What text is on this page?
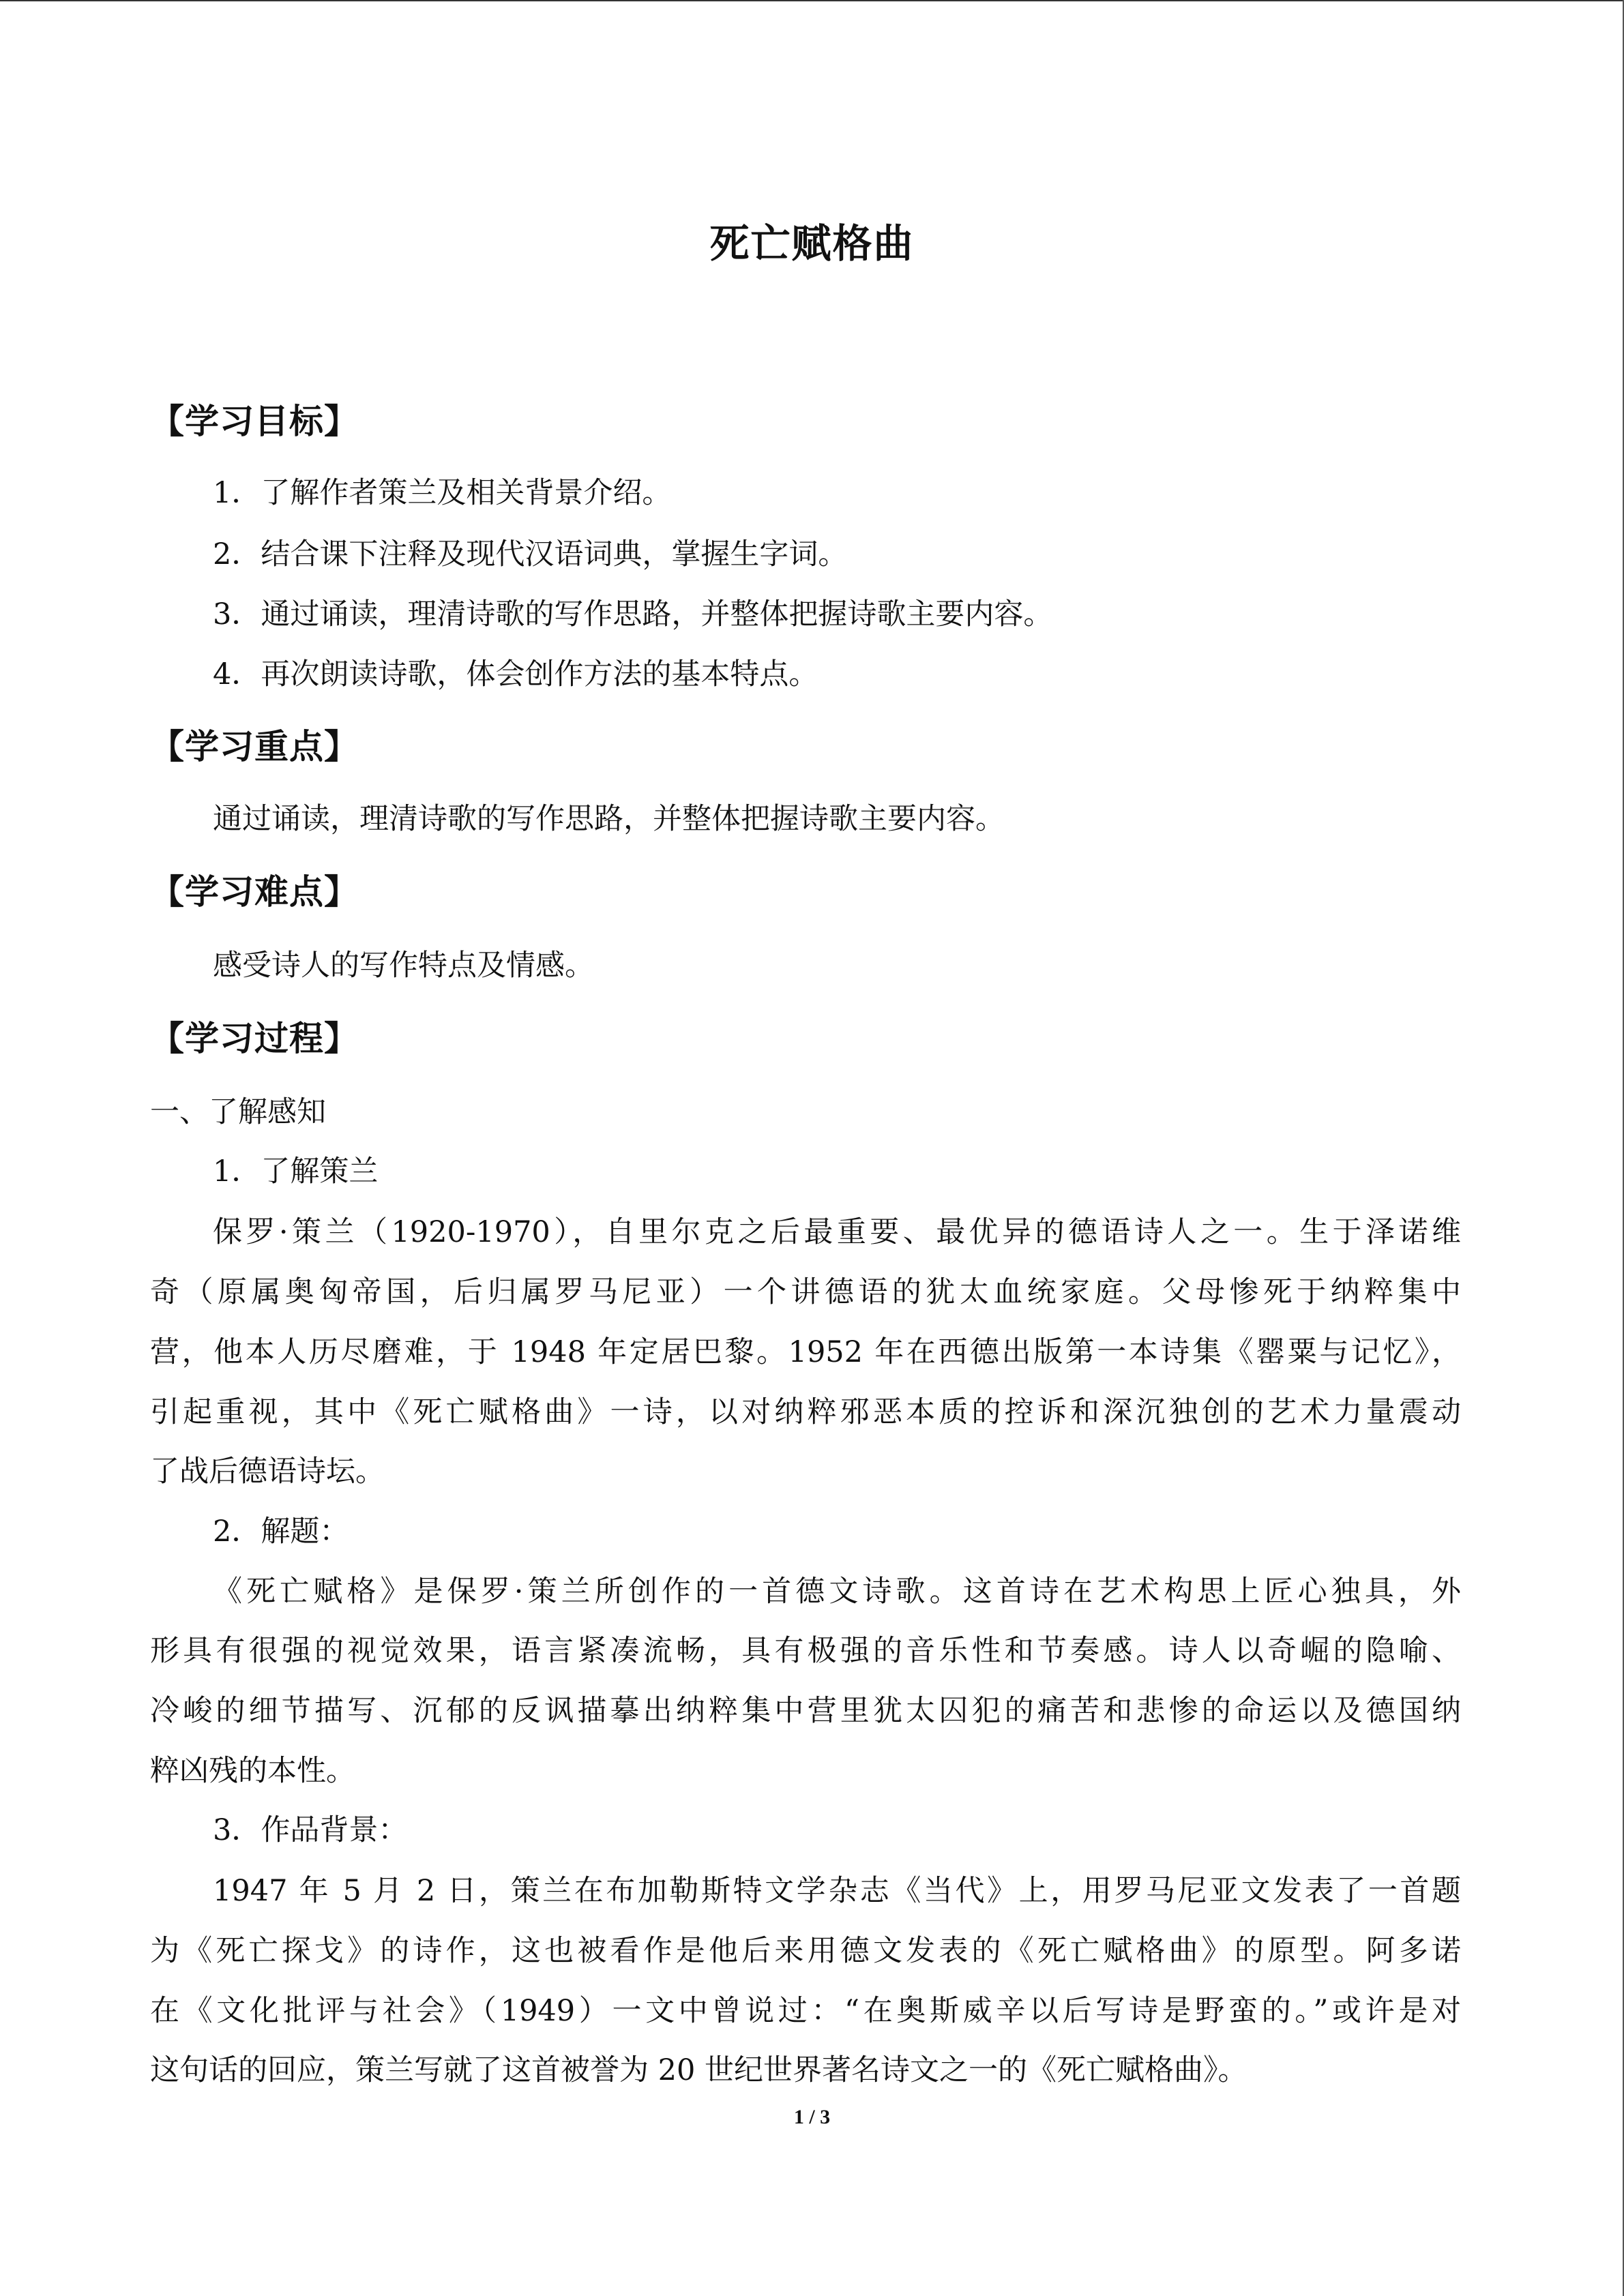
死亡赋格曲
【学习目标】
1．了解作者策兰及相关背景介绍。
2．结合课下注释及现代汉语词典，掌握生字词。
3．通过诵读，理清诗歌的写作思路，并整体把握诗歌主要内容。
4．再次朗读诗歌，体会创作方法的基本特点。
【学习重点】
通过诵读，理清诗歌的写作思路，并整体把握诗歌主要内容。
【学习难点】
感受诗人的写作特点及情感。
【学习过程】
一、了解感知
1．了解策兰
保罗·策兰（1920-1970），自里尔克之后最重要、最优异的德语诗人之一。生于泽诺维
奇（原属奥匈帝国，后归属罗马尼亚）一个讲德语的犹太血统家庭。父母惨死于纳粹集中
营，他本人历尽磨难，于 1948 年定居巴黎。1952 年在西德出版第一本诗集《罂粟与记忆》，
引起重视，其中《死亡赋格曲》一诗，以对纳粹邪恶本质的控诉和深沉独创的艺术力量震动
了战后德语诗坛。
2．解题：
《死亡赋格》是保罗·策兰所创作的一首德文诗歌。这首诗在艺术构思上匠心独具，外
形具有很强的视觉效果，语言紧凑流畅，具有极强的音乐性和节奏感。诗人以奇崛的隐喻、
冷峻的细节描写、沉郁的反讽描摹出纳粹集中营里犹太囚犯的痛苦和悲惨的命运以及德国纳
粹凶残的本性。
3．作品背景：
1947 年 5 月 2 日，策兰在布加勒斯特文学杂志《当代》上，用罗马尼亚文发表了一首题
为《死亡探戈》的诗作，这也被看作是他后来用德文发表的《死亡赋格曲》的原型。阿多诺
在《文化批评与社会》（1949）一文中曾说过：“在奥斯威辛以后写诗是野蛮的。”或许是对
这句话的回应，策兰写就了这首被誉为 20 世纪世界著名诗文之一的《死亡赋格曲》。
1 / 3
